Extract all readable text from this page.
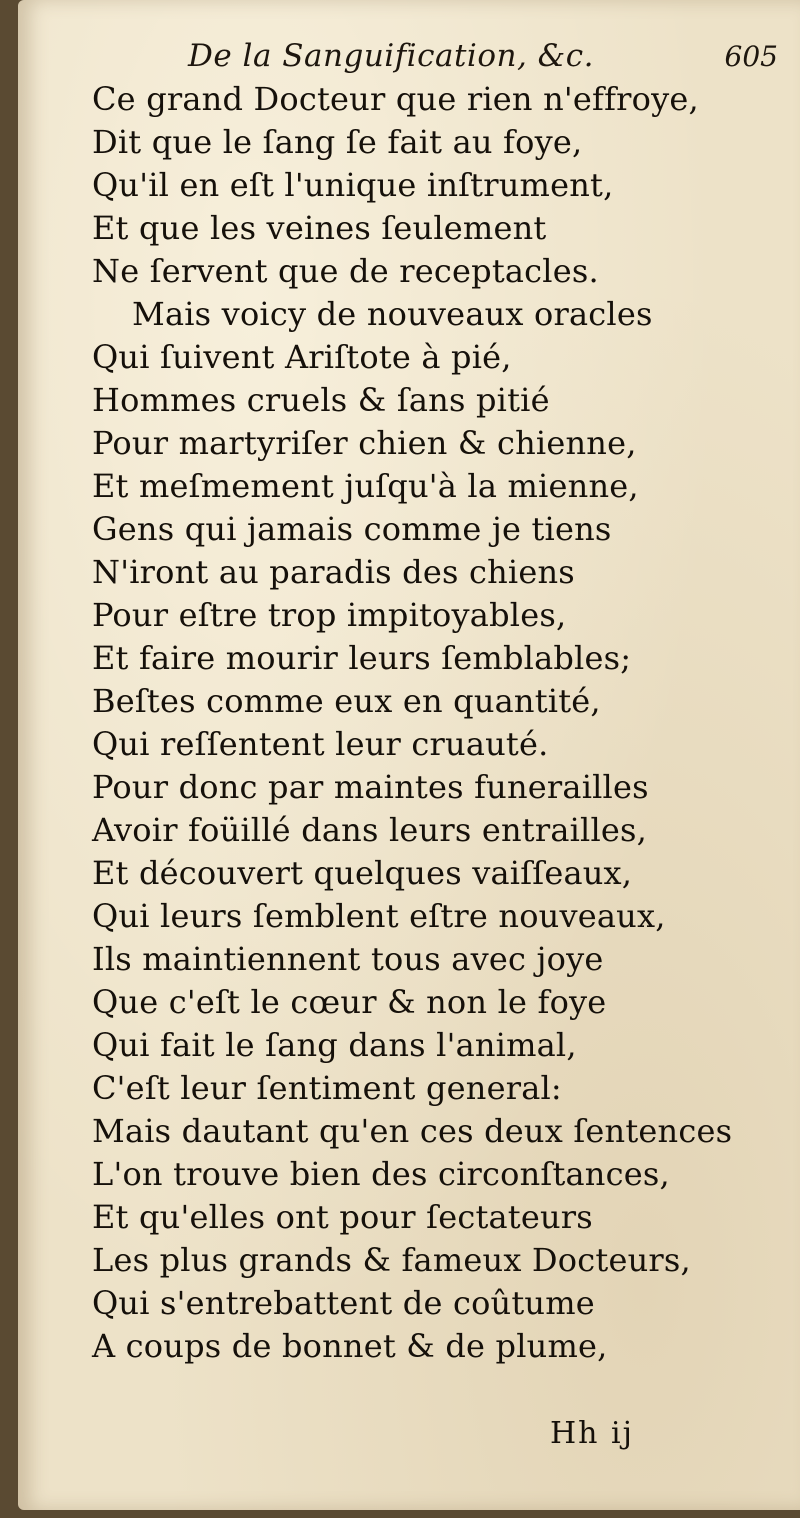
De la Sanguification, &c.	605
Ce grand Docteur que rien n'effroye,
Dit que le ſang ſe fait au foye,
Qu'il en eſt l'unique inſtrument,
Et que les veines ſeulement
Ne ſervent que de receptacles.
Mais voicy de nouveaux oracles
Qui ſuivent Ariſtote à pié,
Hommes cruels & ſans pitié
Pour martyriſer chien & chienne,
Et meſmement juſqu'à la mienne,
Gens qui jamais comme je tiens
N'iront au paradis des chiens
Pour eſtre trop impitoyables,
Et faire mourir leurs ſemblables;
Beſtes comme eux en quantité,
Qui reſſentent leur cruauté.
Pour donc par maintes funerailles
Avoir foüillé dans leurs entrailles,
Et découvert quelques vaiſſeaux,
Qui leurs ſemblent eſtre nouveaux,
Ils maintiennent tous avec joye
Que c'eſt le cœur & non le foye
Qui fait le ſang dans l'animal,
C'eſt leur ſentiment general:
Mais dautant qu'en ces deux ſentences
L'on trouve bien des circonſtances,
Et qu'elles ont pour ſectateurs
Les plus grands & fameux Docteurs,
Qui s'entrebattent de coûtume
A coups de bonnet & de plume,
Hh ij
